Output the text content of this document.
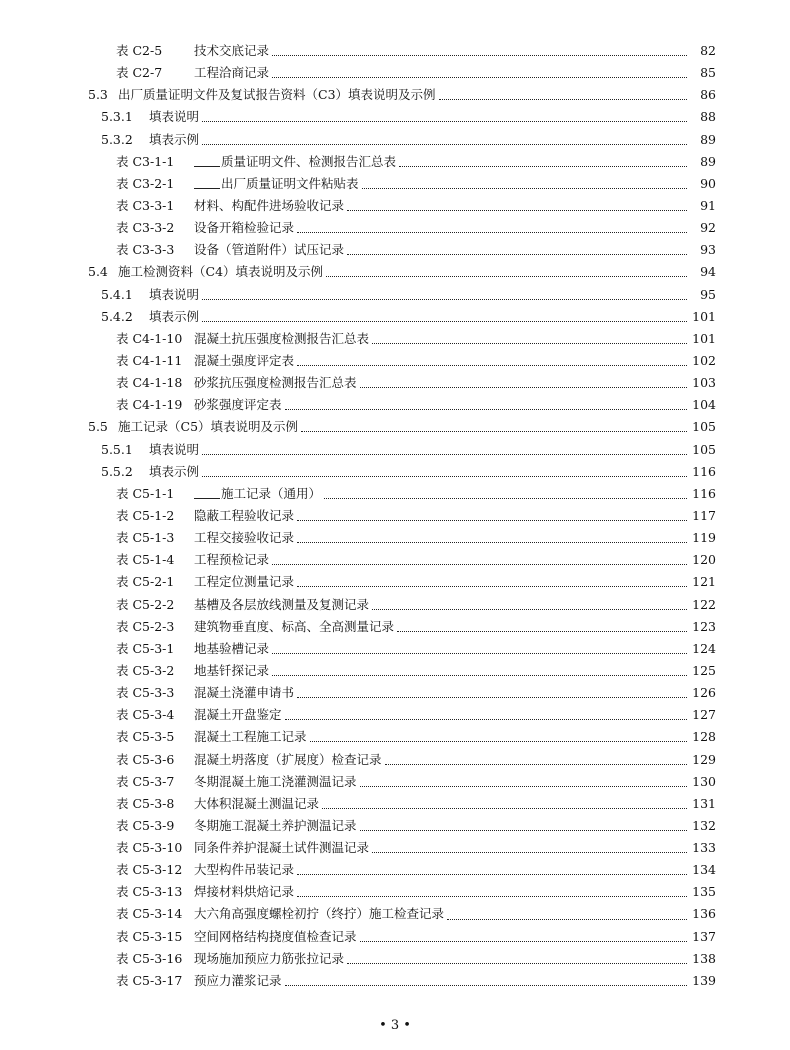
表 C2-5	技术交底记录	82
表 C2-7	工程洽商记录	85
5.3 出厂质量证明文件及复试报告资料（C3）填表说明及示例	86
5.3.1 填表说明	88
5.3.2 填表示例	89
表 C3-1-1	质量证明文件、检测报告汇总表	89
表 C3-2-1	出厂质量证明文件粘贴表	90
表 C3-3-1 材料、构配件进场验收记录	91
表 C3-3-2 设备开箱检验记录	92
表 C3-3-3 设备（管道附件）试压记录	93
5.4 施工检测资料（C4）填表说明及示例	94
5.4.1 填表说明	95
5.4.2 填表示例	101
表 C4-1-10 混凝土抗压强度检测报告汇总表	101
表 C4-1-11 混凝土强度评定表	102
表 C4-1-18 砂浆抗压强度检测报告汇总表	103
表 C4-1-19 砂浆强度评定表	104
5.5 施工记录（C5）填表说明及示例	105
5.5.1 填表说明	105
5.5.2 填表示例	116
表 C5-1-1	施工记录（通用）	116
表 C5-1-2 隐蔽工程验收记录	117
表 C5-1-3 工程交接验收记录	119
表 C5-1-4 工程预检记录	120
表 C5-2-1 工程定位测量记录	121
表 C5-2-2 基槽及各层放线测量及复测记录	122
表 C5-2-3 建筑物垂直度、标高、全高测量记录	123
表 C5-3-1 地基验槽记录	124
表 C5-3-2 地基钎探记录	125
表 C5-3-3 混凝土浇灌申请书	126
表 C5-3-4 混凝土开盘鉴定	127
表 C5-3-5 混凝土工程施工记录	128
表 C5-3-6 混凝土坍落度（扩展度）检查记录	129
表 C5-3-7 冬期混凝土施工浇灌测温记录	130
表 C5-3-8 大体积混凝土测温记录	131
表 C5-3-9 冬期施工混凝土养护测温记录	132
表 C5-3-10 同条件养护混凝土试件测温记录	133
表 C5-3-12 大型构件吊装记录	134
表 C5-3-13 焊接材料烘焙记录	135
表 C5-3-14 大六角高强度螺栓初拧（终拧）施工检查记录	136
表 C5-3-15 空间网格结构挠度值检查记录	137
表 C5-3-16 现场施加预应力筋张拉记录	138
表 C5-3-17 预应力灌浆记录	139
• 3 •
